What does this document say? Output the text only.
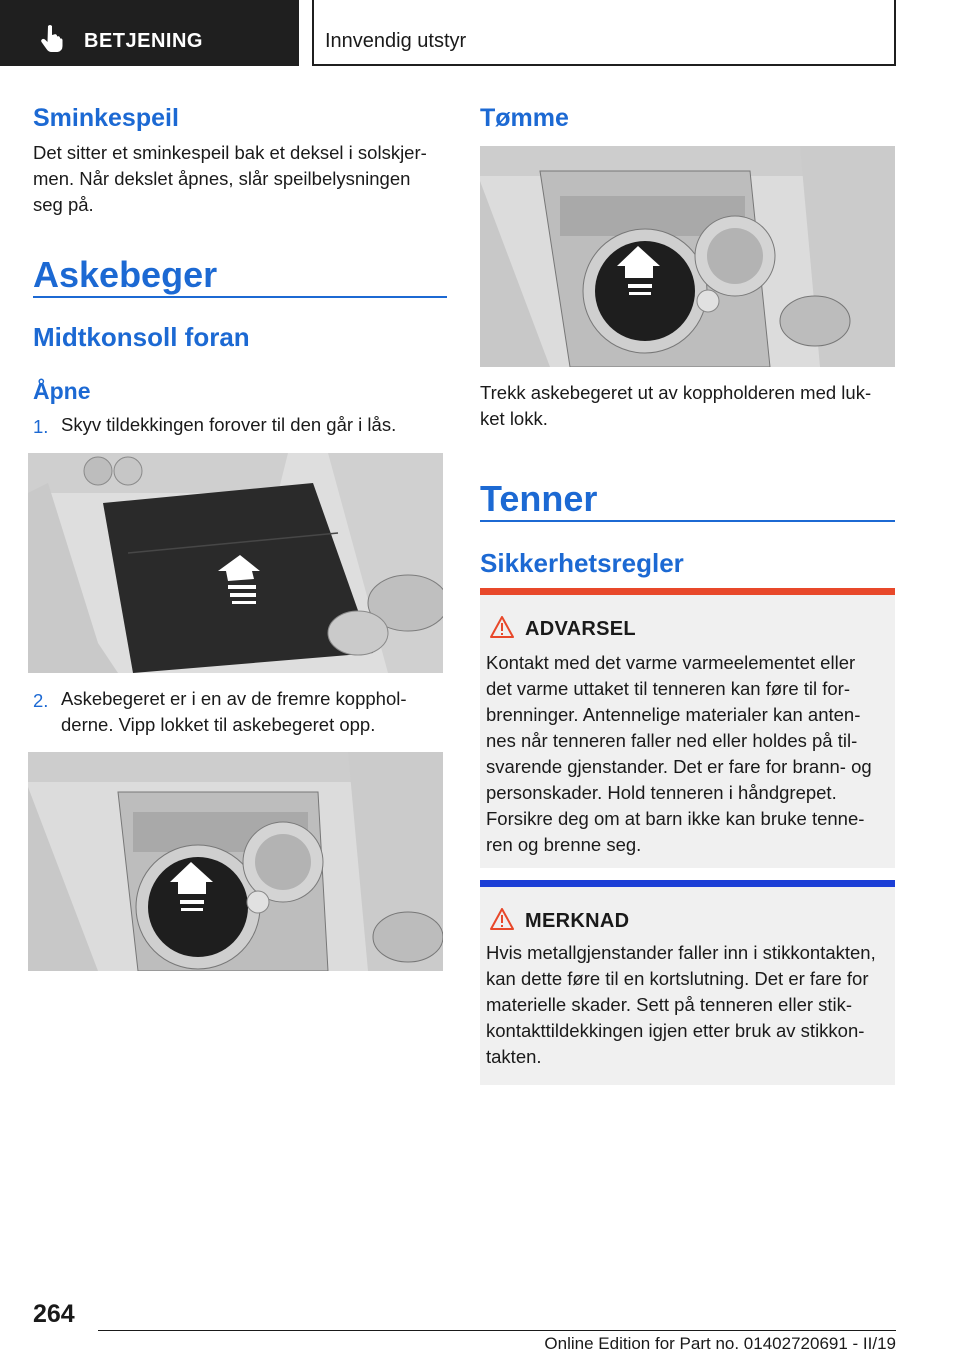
BETJENING	Innvendig utstyr
Sminkespeil
Det sitter et sminkespeil bak et deksel i solskjer‐
men. Når dekslet åpnes, slår speilbelysningen
seg på.
Askebeger
Midtkonsoll foran
Åpne
1. Skyv tildekkingen forover til den går i lås.
2. Askebegeret er i en av de fremre kopphol‐
derne. Vipp lokket til askebegeret opp.
Tømme
Trekk askebegeret ut av koppholderen med luk‐
ket lokk.
Tenner
Sikkerhetsregler
ADVARSEL
Kontakt med det varme varmeelementet eller
det varme uttaket til tenneren kan føre til for‐
brenninger. Antennelige materialer kan anten‐
nes når tenneren faller ned eller holdes på til‐
svarende gjenstander. Det er fare for brann- og
personskader. Hold tenneren i håndgrepet.
Forsikre deg om at barn ikke kan bruke tenne‐
ren og brenne seg.
MERKNAD
Hvis metallgjenstander faller inn i stikkontakten,
kan dette føre til en kortslutning. Det er fare for
materielle skader. Sett på tenneren eller stik‐
kontakttildekkingen igjen etter bruk av stikkon‐
takten.
264
Online Edition for Part no. 01402720691 - II/19
